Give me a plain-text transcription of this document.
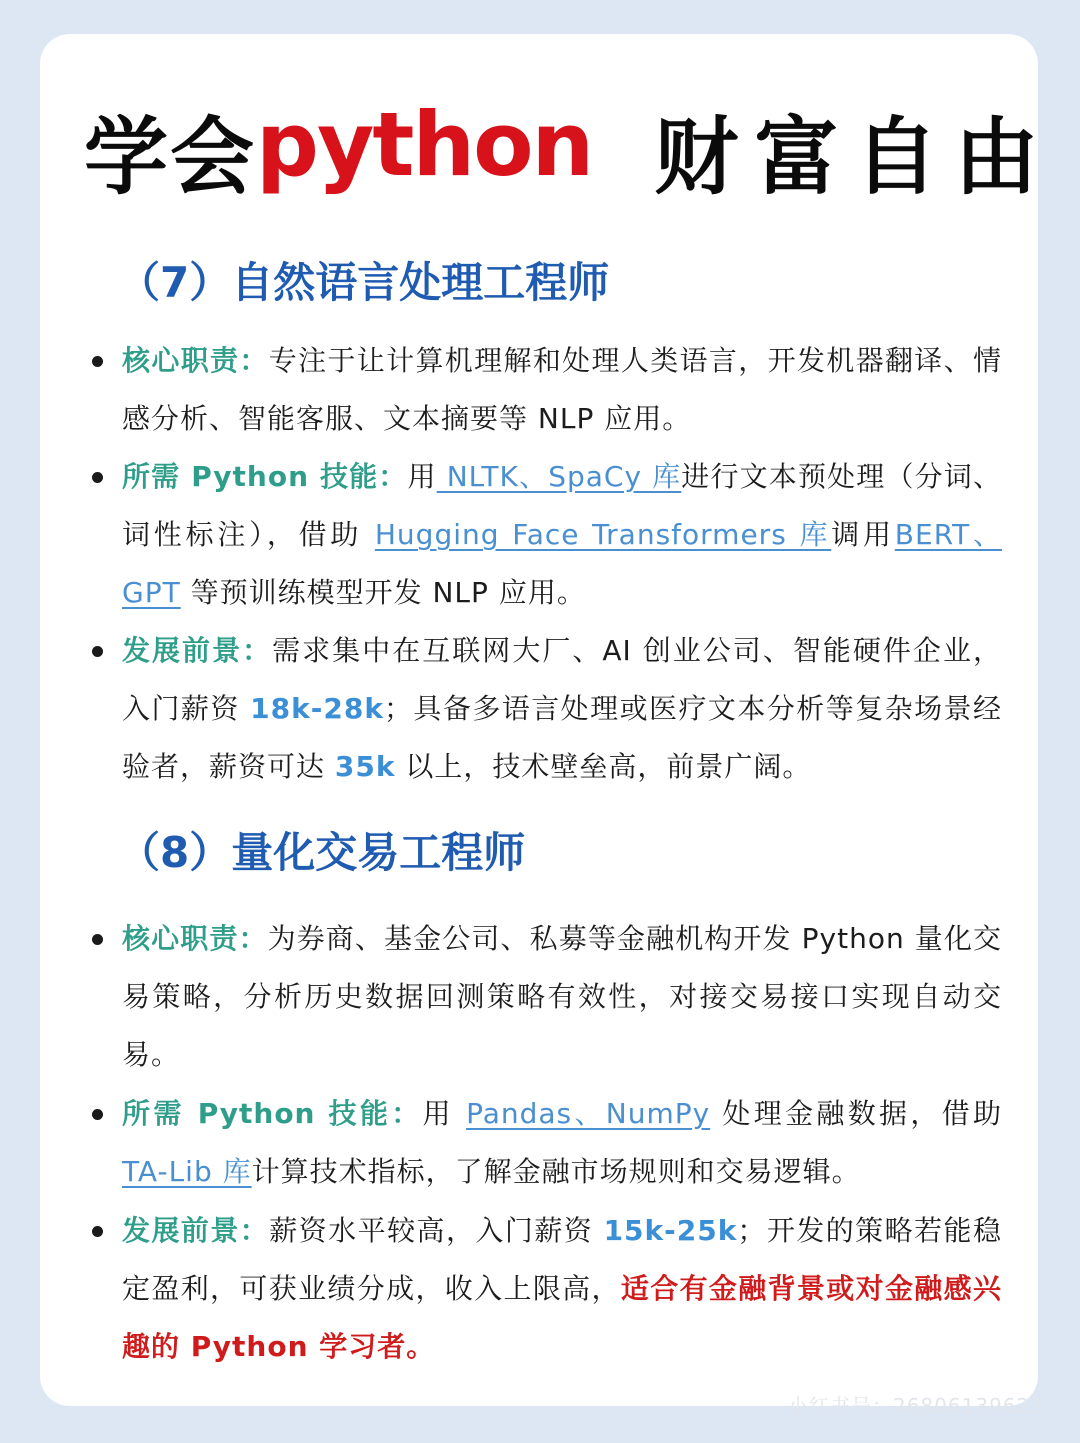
学会 python 财富自由
（7）自然语言处理工程师
核心职责：专注于让计算机理解和处理人类语言，开发机器翻译、情感分析、智能客服、文本摘要等 NLP 应用。
所需 Python 技能：用 NLTK、SpaCy 库进行文本预处理（分词、词性标注），借助 Hugging Face Transformers 库调用BERT、GPT 等预训练模型开发 NLP 应用。
发展前景：需求集中在互联网大厂、AI 创业公司、智能硬件企业，入门薪资 18k-28k；具备多语言处理或医疗文本分析等复杂场景经验者，薪资可达 35k 以上，技术壁垒高，前景广阔。
（8）量化交易工程师
核心职责：为券商、基金公司、私募等金融机构开发 Python 量化交易策略，分析历史数据回测策略有效性，对接交易接口实现自动交易。
所需 Python 技能：用 Pandas、NumPy 处理金融数据，借助 TA-Lib 库计算技术指标，了解金融市场规则和交易逻辑。
发展前景：薪资水平较高，入门薪资 15k-25k；开发的策略若能稳定盈利，可获业绩分成，收入上限高，适合有金融背景或对金融感兴趣的 Python 学习者。
小红书号：26806139621
